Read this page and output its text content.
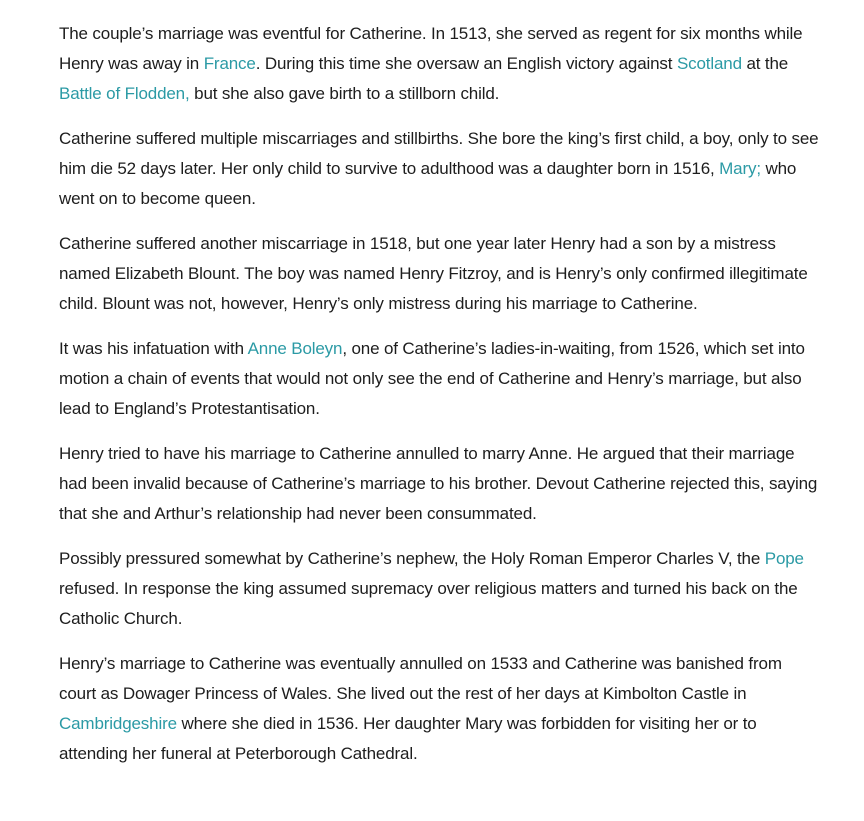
The couple’s marriage was eventful for Catherine. In 1513, she served as regent for six months while Henry was away in France. During this time she oversaw an English victory against Scotland at the Battle of Flodden, but she also gave birth to a stillborn child.

Catherine suffered multiple miscarriages and stillbirths. She bore the king’s first child, a boy, only to see him die 52 days later. Her only child to survive to adulthood was a daughter born in 1516, Mary; who went on to become queen.

Catherine suffered another miscarriage in 1518, but one year later Henry had a son by a mistress named Elizabeth Blount. The boy was named Henry Fitzroy, and is Henry’s only confirmed illegitimate child. Blount was not, however, Henry’s only mistress during his marriage to Catherine.

It was his infatuation with Anne Boleyn, one of Catherine’s ladies-in-waiting, from 1526, which set into motion a chain of events that would not only see the end of Catherine and Henry’s marriage, but also lead to England’s Protestantisation.

Henry tried to have his marriage to Catherine annulled to marry Anne. He argued that their marriage had been invalid because of Catherine’s marriage to his brother. Devout Catherine rejected this, saying that she and Arthur’s relationship had never been consummated.

Possibly pressured somewhat by Catherine’s nephew, the Holy Roman Emperor Charles V, the Pope refused. In response the king assumed supremacy over religious matters and turned his back on the Catholic Church.

Henry’s marriage to Catherine was eventually annulled on 1533 and Catherine was banished from court as Dowager Princess of Wales. She lived out the rest of her days at Kimbolton Castle in Cambridgeshire where she died in 1536. Her daughter Mary was forbidden for visiting her or to attending her funeral at Peterborough Cathedral.
